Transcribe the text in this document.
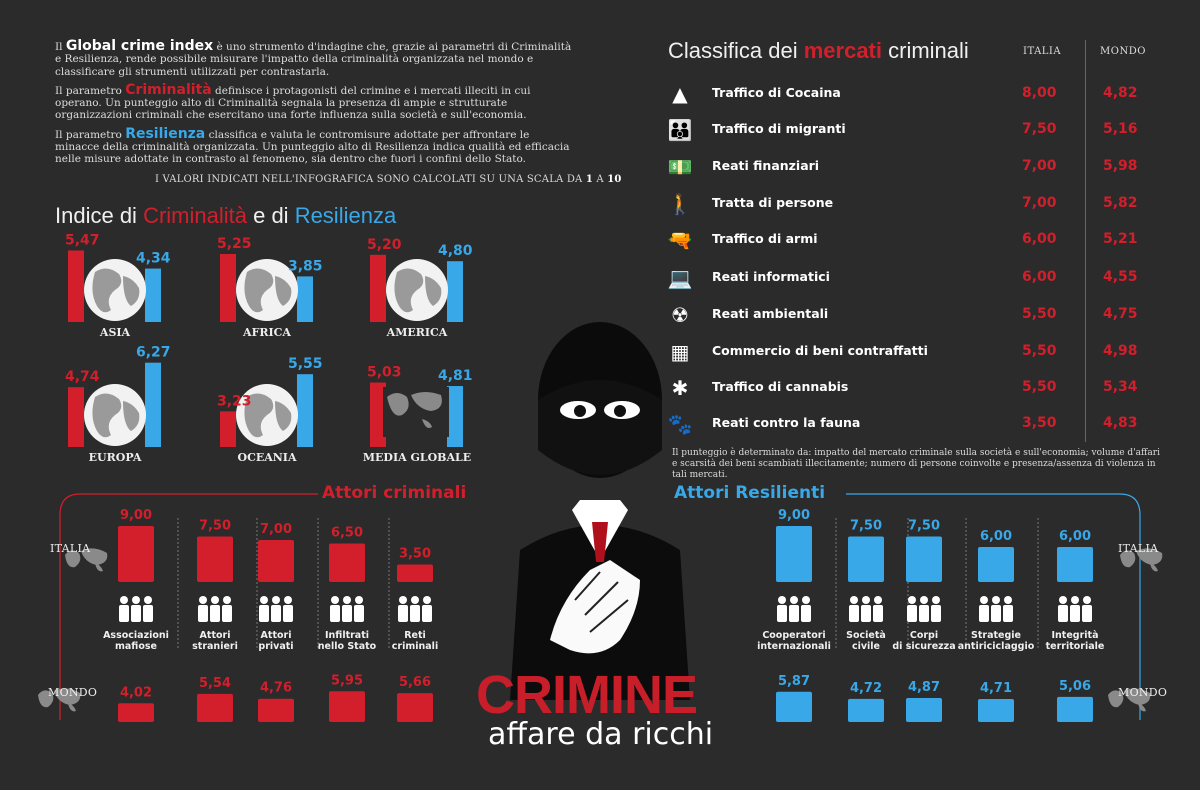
Il Global crime index è uno strumento d'indagine che, grazie ai parametri di Criminalità e Resilienza, rende possibile misurare l'impatto della criminalità organizzata nel mondo e classificare gli strumenti utilizzati per contrastarla.

Il parametro Criminalità definisce i protagonisti del crimine e i mercati illeciti in cui operano. Un punteggio alto di Criminalità segnala la presenza di ampie e strutturate organizzazioni criminali che esercitano una forte influenza sulla società e sull'economia.

Il parametro Resilienza classifica e valuta le contromisure adottate per affrontare le minacce della criminalità organizzata. Un punteggio alto di Resilienza indica qualità ed efficacia nelle misure adottate in contrasto al fenomeno, sia dentro che fuori i confini dello Stato.

I VALORI INDICATI NELL'INFOGRAFICA SONO CALCOLATI SU UNA SCALA DA 1 A 10
Indice di Criminalità e di Resilienza
5,47
4,34
ASIA
5,25
3,85
AFRICA
5,20	4,80
AMERICA
4,74
6,27
EUROPA
3,23
5,55
OCEANIA
5,03	4,81
MEDIA GLOBALE
CRIMINE
affare da ricchi
9,00
4,02
Associazioni
mafiose
7,50
5,54
Attori
stranieri
7,00
4,76
Attori
privati
6,50
5,95
Infiltrati
nello Stato
3,50
5,66
Reti
criminali
9,00
5,87
Cooperatori
internazionali
7,50
4,72
Società
civile
7,50
4,87
Corpi
di sicurezza
6,00
4,71
Strategie
antiriciclaggio
6,00
5,06
Integrità
territoriale
Attori criminali	Attori Resilienti
ITALIA
MONDO
ITALIA
MONDO
Classifica dei mercati criminali	ITALIA	MONDO
▲	Traffico di Cocaina	8,00	4,82
👪 Traffico di migranti	7,50	5,16
💵 Reati finanziari	7,00	5,98
🚶 Tratta di persone	7,00	5,82
🔫 Traffico di armi	6,00	5,21
💻 Reati informatici	6,00	4,55
☢	Reati ambientali	5,50	4,75
▦	Commercio di beni contraffatti	5,50	4,98
✱	Traffico di cannabis	5,50	5,34
🐾 Reati contro la fauna	3,50	4,83
Il punteggio è determinato da: impatto del mercato criminale sulla società e sull'economia; volume d'affari e scarsità dei beni scambiati illecitamente; numero di persone coinvolte e presenza/assenza di violenza in tali mercati.
